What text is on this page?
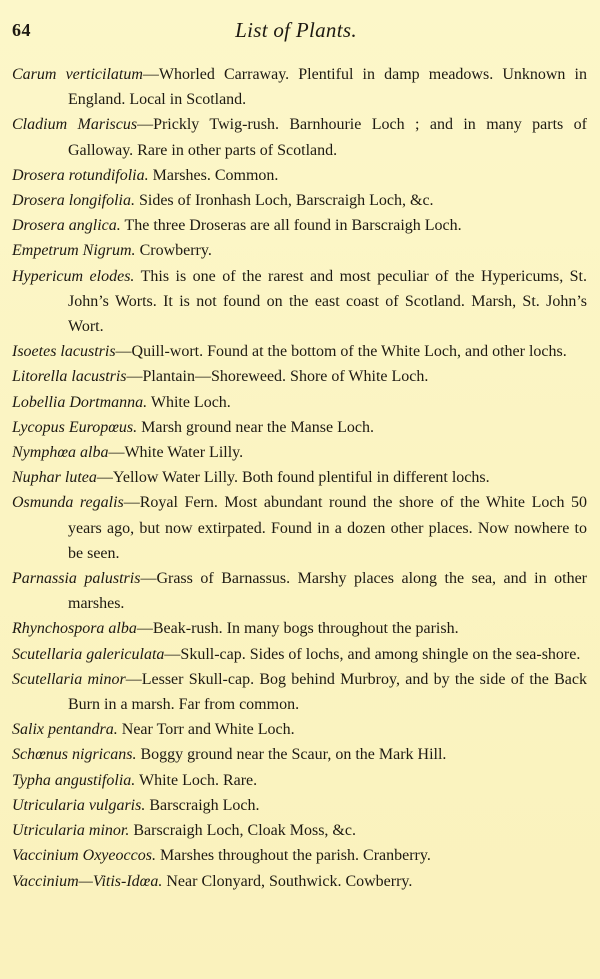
64	List of Plants.

Carum verticilatum—Whorled Carraway. Plentiful in damp meadows. Unknown in England. Local in Scotland.

Cladium Mariscus—Prickly Twig-rush. Barnhourie Loch ; and in many parts of Galloway. Rare in other parts of Scotland.

Drosera rotundifolia. Marshes. Common.

Drosera longifolia. Sides of Ironhash Loch, Barscraigh Loch, &c.

Drosera anglica. The three Droseras are all found in Barscraigh Loch.

Empetrum Nigrum. Crowberry.

Hypericum elodes. This is one of the rarest and most peculiar of the Hypericums, St. John’s Worts. It is not found on the east coast of Scotland. Marsh, St. John’s Wort.

Isoetes lacustris—Quill-wort. Found at the bottom of the White Loch, and other lochs.

Litorella lacustris—Plantain—Shoreweed. Shore of White Loch.

Lobellia Dortmanna. White Loch.

Lycopus Europœus. Marsh ground near the Manse Loch.

Nymphœa alba—White Water Lilly.

Nuphar lutea—Yellow Water Lilly. Both found plentiful in different lochs.

Osmunda regalis—Royal Fern. Most abundant round the shore of the White Loch 50 years ago, but now extirpated. Found in a dozen other places. Now nowhere to be seen.

Parnassia palustris—Grass of Barnassus. Marshy places along the sea, and in other marshes.

Rhynchospora alba—Beak-rush. In many bogs throughout the parish.

Scutellaria galericulata—Skull-cap. Sides of lochs, and among shingle on the sea-shore.

Scutellaria minor—Lesser Skull-cap. Bog behind Murbroy, and by the side of the Back Burn in a marsh. Far from common.

Salix pentandra. Near Torr and White Loch.

Schœnus nigricans. Boggy ground near the Scaur, on the Mark Hill.

Typha angustifolia. White Loch. Rare.

Utricularia vulgaris. Barscraigh Loch.

Utricularia minor. Barscraigh Loch, Cloak Moss, &c.

Vaccinium Oxyeoccos. Marshes throughout the parish. Cranberry.

Vaccinium—Vitis-Idœa. Near Clonyard, Southwick. Cowberry.
